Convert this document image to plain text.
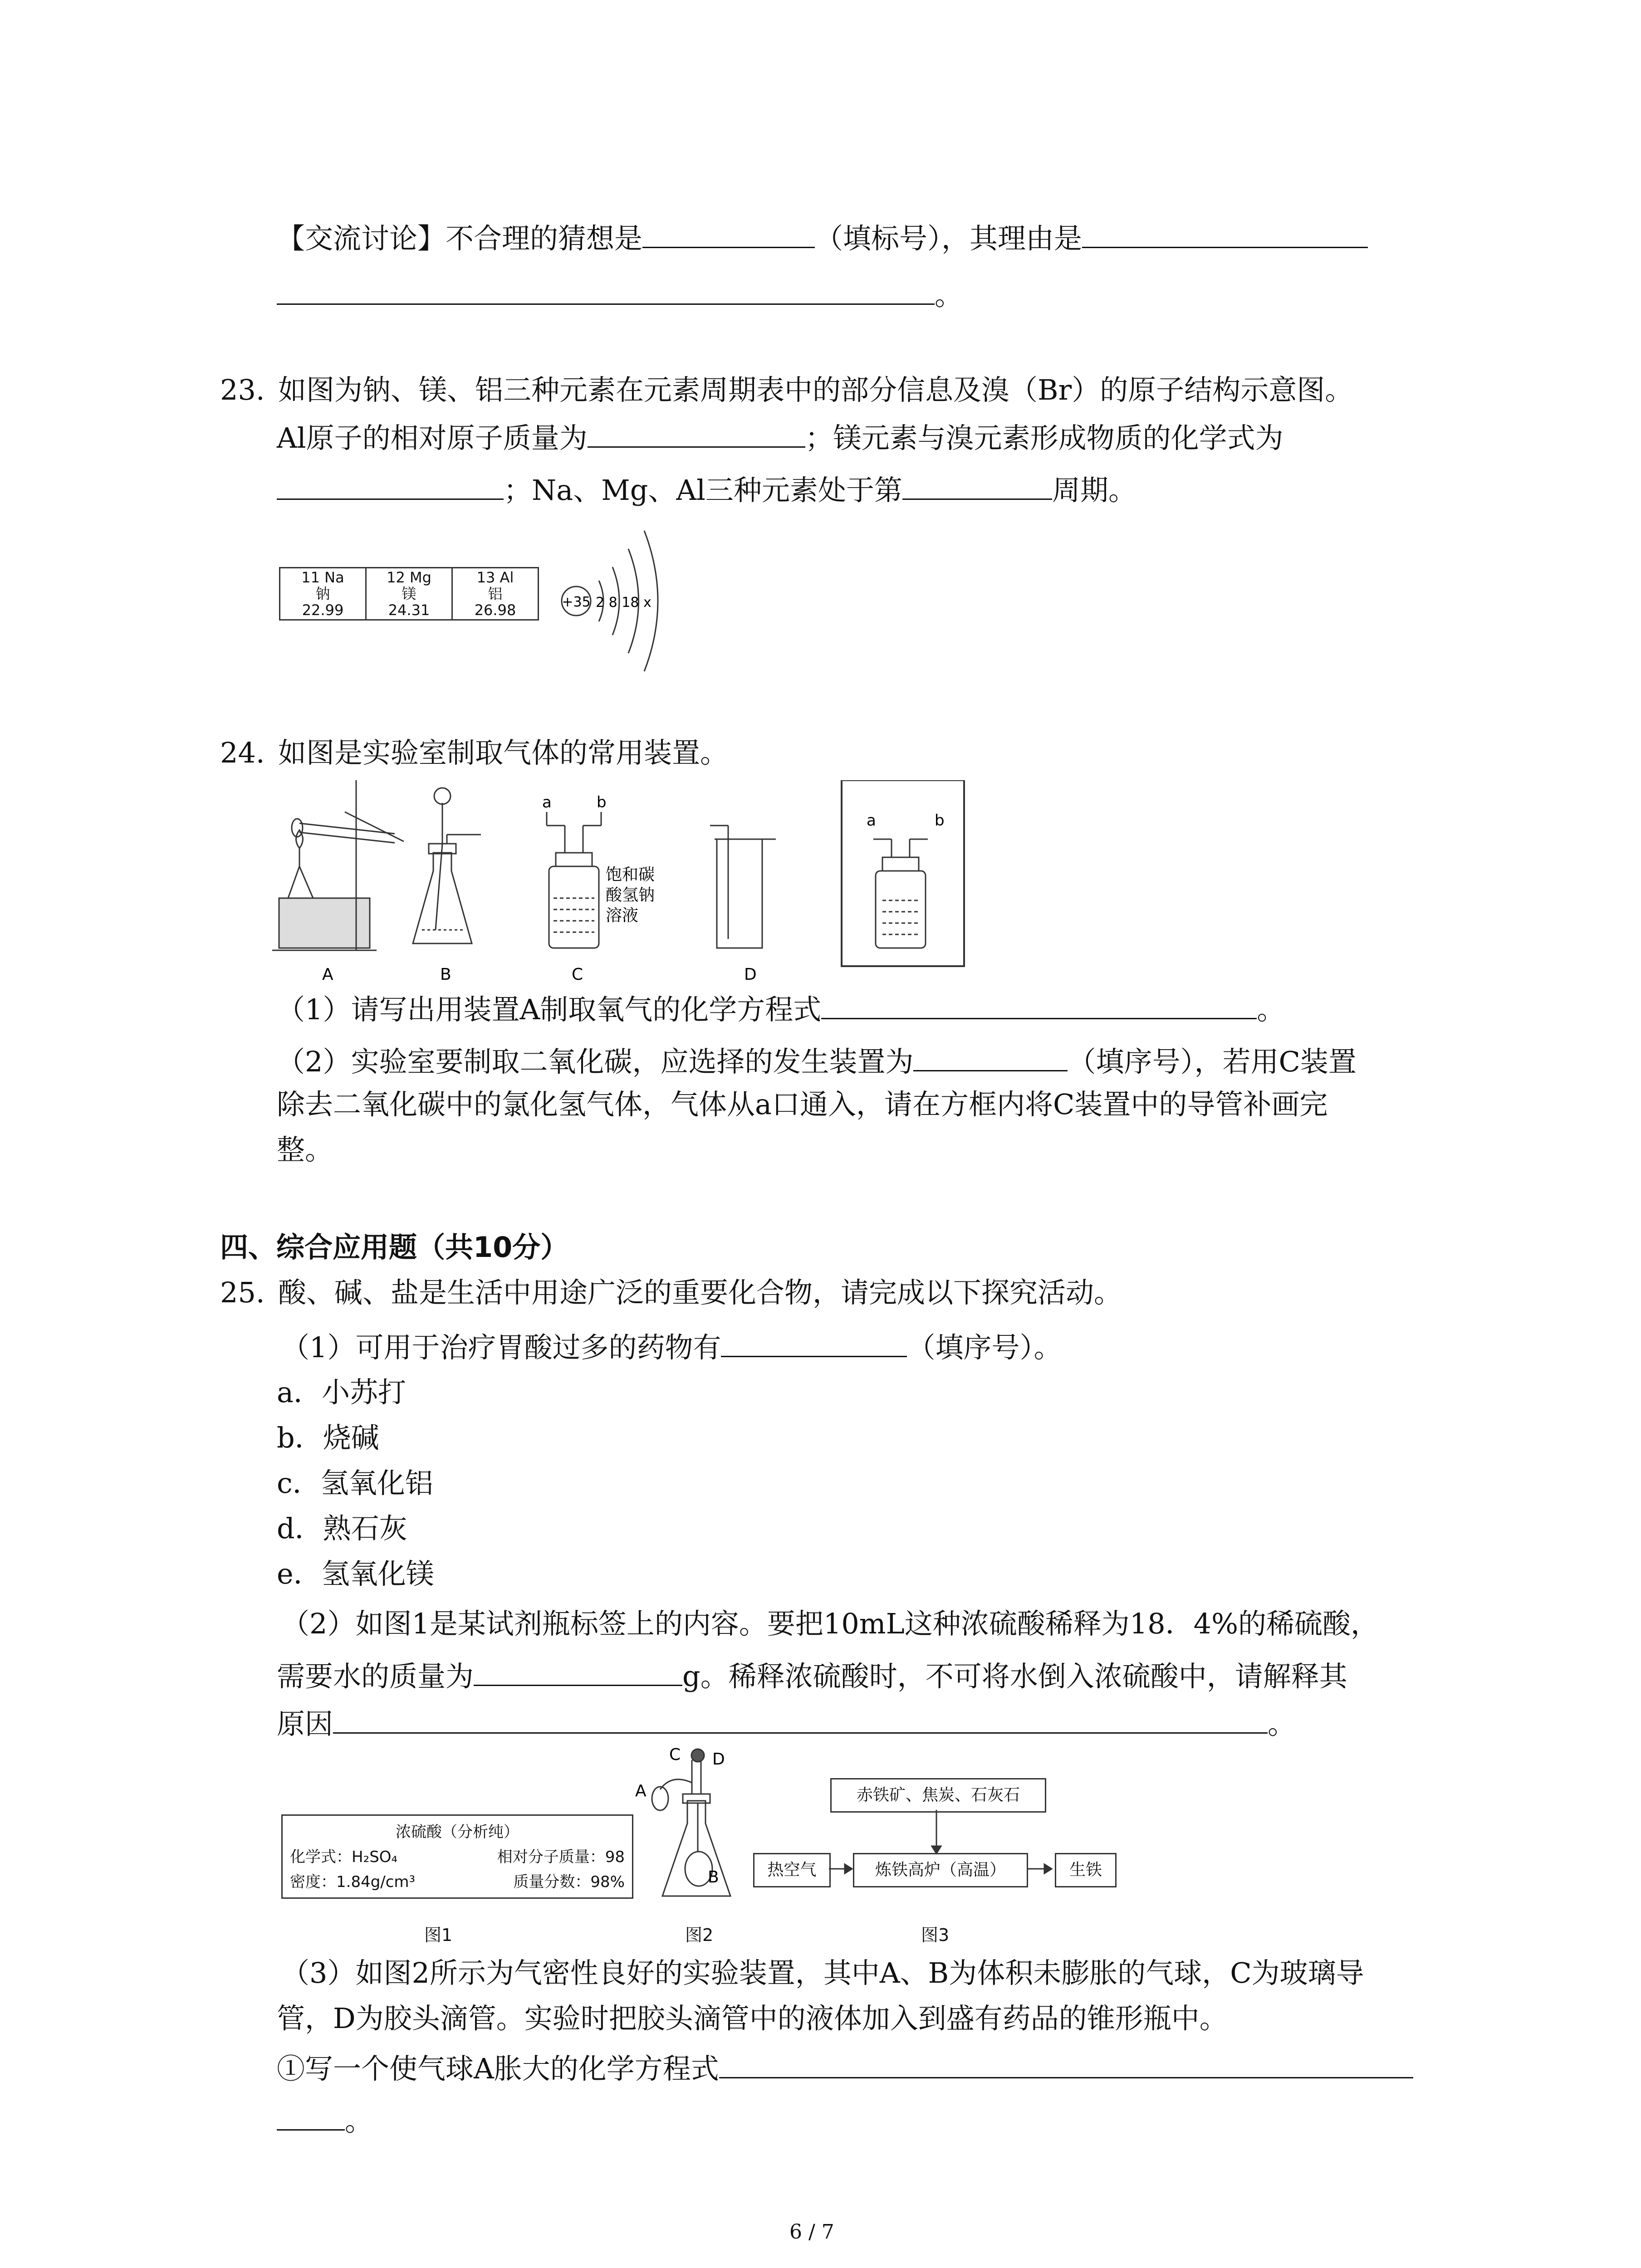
【交流讨论】不合理的猜想是	（填标号），其理由是
。
23. 如图为钠、镁、铝三种元素在元素周期表中的部分信息及溴（Br）的原子结构示意图。
Al原子的相对原子质量为	；镁元素与溴元素形成物质的化学式为
；Na、Mg、Al三种元素处于第	周期。
11 Na
钠
22.99

12 Mg
镁
24.31

13 Al
铝
26.98	+35 2 8 18 x
24. 如图是实验室制取气体的常用装置。
a	b
饱和碳
酸氢钠
溶液
a	b
A	B	C	D
（1）请写出用装置A制取氧气的化学方程式	。
（2）实验室要制取二氧化碳，应选择的发生装置为	（填序号），若用C装置
除去二氧化碳中的氯化氢气体，气体从a口通入，请在方框内将C装置中的导管补画完
整。
四、综合应用题（共10分）
25. 酸、碱、盐是生活中用途广泛的重要化合物，请完成以下探究活动。
（1）可用于治疗胃酸过多的药物有	（填序号）。
a．小苏打
b．烧碱
c．氢氧化铝
d．熟石灰
e．氢氧化镁
（2）如图1是某试剂瓶标签上的内容。要把10mL这种浓硫酸稀释为18．4%的稀硫酸，
需要水的质量为	g。稀释浓硫酸时，不可将水倒入浓硫酸中，请解释其
原因	。
浓硫酸（分析纯）
化学式：H₂SO₄	相对分子质量：98
密度：1.84g/cm³	质量分数：98%
C D
A
B
赤铁矿、焦炭、石灰石
热空气	炼铁高炉（高温）	生铁
图1	图2	图3
（3）如图2所示为气密性良好的实验装置，其中A、B为体积未膨胀的气球，C为玻璃导
管，D为胶头滴管。实验时把胶头滴管中的液体加入到盛有药品的锥形瓶中。
①写一个使气球A胀大的化学方程式
。
6 / 7
